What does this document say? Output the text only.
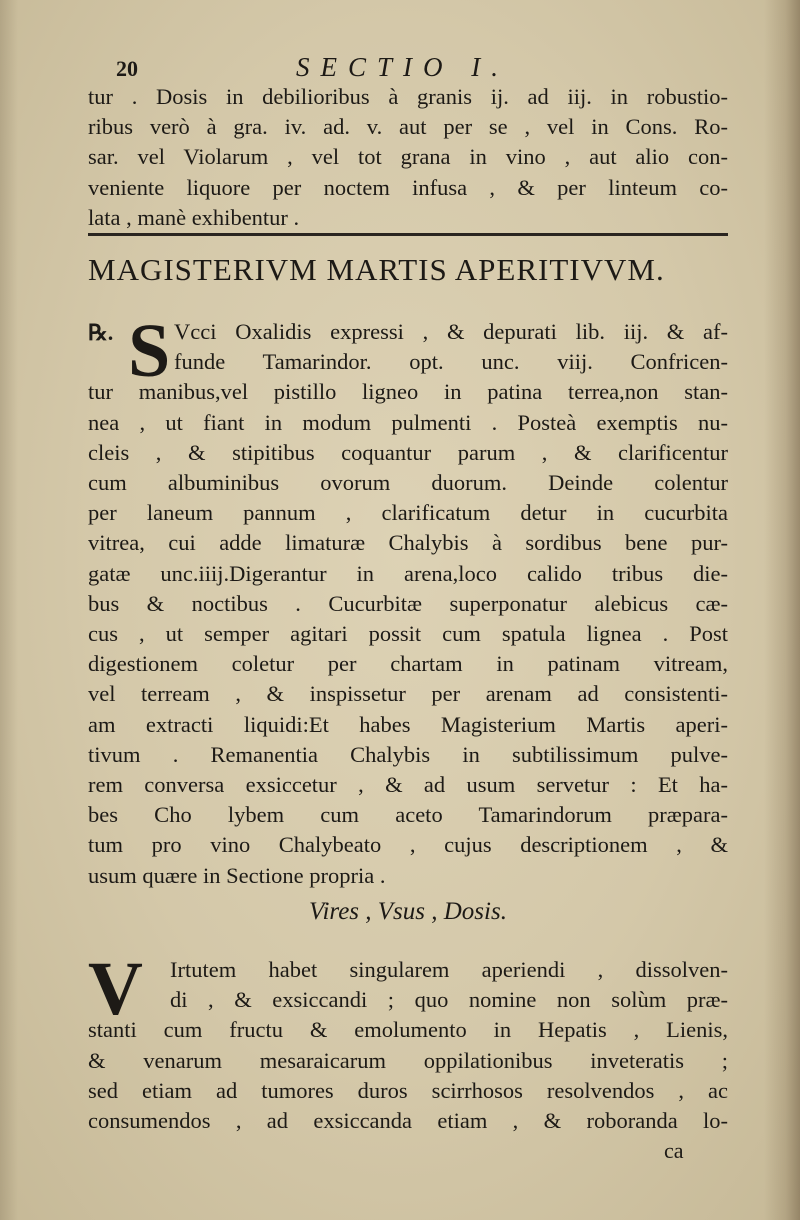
20	SECTIO I.
tur . Dosis in debilioribus à granis ij. ad iij. in robustio-
ribus verò à gra. iv. ad. v. aut per se , vel in Cons. Ro-
sar. vel Violarum , vel tot grana in vino , aut alio con-
veniente liquore per noctem infusa , & per linteum co-
lata , manè exhibentur .
MAGISTERIVM MARTIS APERITIVVM.
℞. S Vcci Oxalidis expressi , & depurati lib. iij. & af-
funde Tamarindor. opt. unc. viij. Confricen-
tur manibus,vel pistillo ligneo in patina terrea,non stan-
nea , ut fiant in modum pulmenti . Posteà exemptis nu-
cleis , & stipitibus coquantur parum , & clarificentur
cum albuminibus ovorum duorum. Deinde colentur
per laneum pannum , clarificatum detur in cucurbita
vitrea, cui adde limaturæ Chalybis à sordibus bene pur-
gatæ unc.iiij.Digerantur in arena,loco calido tribus die-
bus & noctibus . Cucurbitæ superponatur alebicus cæ-
cus , ut semper agitari possit cum spatula lignea . Post
digestionem coletur per chartam in patinam vitream,
vel terream , & inspissetur per arenam ad consistenti-
am extracti liquidi:Et habes Magisterium Martis aperi-
tivum . Remanentia Chalybis in subtilissimum pulve-
rem conversa exsiccetur , & ad usum servetur : Et ha-
bes Cho lybem cum aceto Tamarindorum præpara-
tum pro vino Chalybeato , cujus descriptionem , &
usum quære in Sectione propria .
Vires , Vsus , Dosis.
V	Irtutem habet singularem aperiendi , dissolven-
di , & exsiccandi ; quo nomine non solùm præ-
stanti cum fructu & emolumento in Hepatis , Lienis,
& venarum mesaraicarum oppilationibus inveteratis ;
sed etiam ad tumores duros scirrhosos resolvendos , ac
consumendos , ad exsiccanda etiam , & roboranda lo-
ca
